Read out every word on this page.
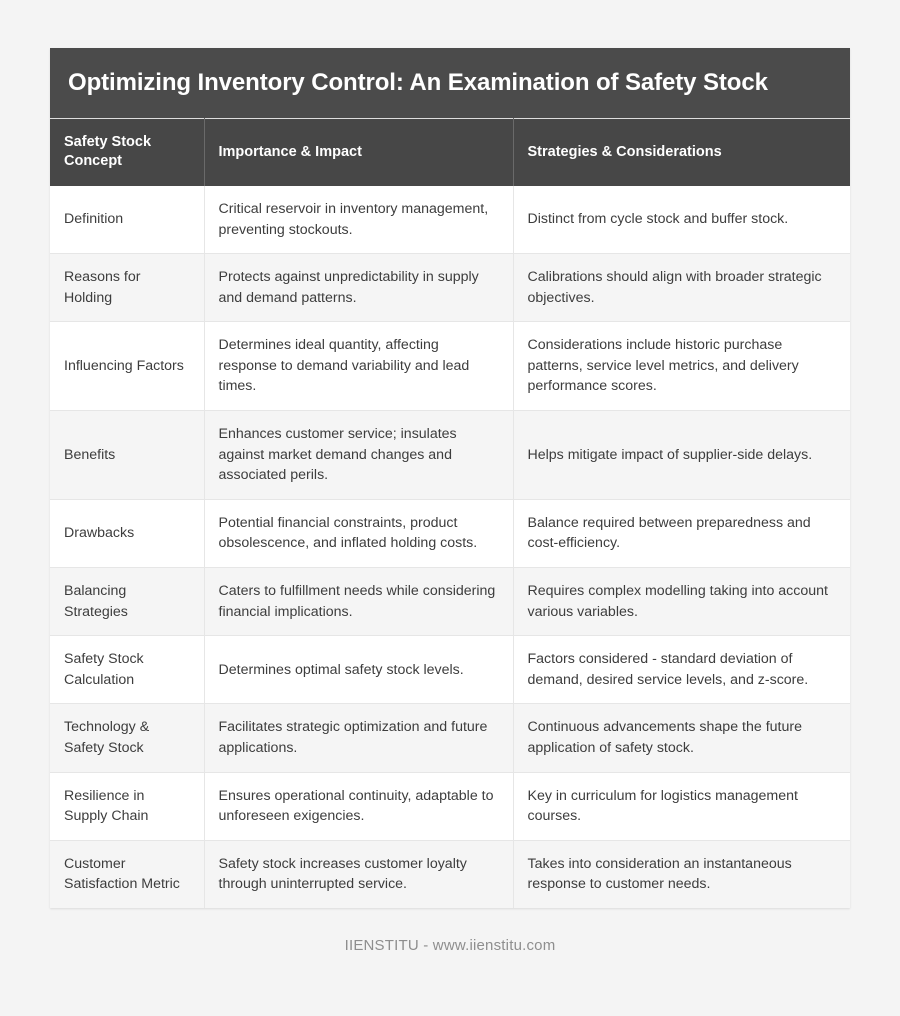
Optimizing Inventory Control: An Examination of Safety Stock
Safety Stock Concept	Importance & Impact	Strategies & Considerations
Definition	Critical reservoir in inventory management, preventing stockouts.	Distinct from cycle stock and buffer stock.
Reasons for Holding	Protects against unpredictability in supply and demand patterns.	Calibrations should align with broader strategic objectives.
Influencing Factors	Determines ideal quantity, affecting response to demand variability and lead times.	Considerations include historic purchase patterns, service level metrics, and delivery performance scores.
Benefits	Enhances customer service; insulates against market demand changes and associated perils.	Helps mitigate impact of supplier-side delays.
Drawbacks	Potential financial constraints, product obsolescence, and inflated holding costs.	Balance required between preparedness and cost-efficiency.
Balancing Strategies	Caters to fulfillment needs while considering financial implications.	Requires complex modelling taking into account various variables.
Safety Stock Calculation	Determines optimal safety stock levels.	Factors considered - standard deviation of demand, desired service levels, and z-score.
Technology & Safety Stock	Facilitates strategic optimization and future applications.	Continuous advancements shape the future application of safety stock.
Resilience in Supply Chain	Ensures operational continuity, adaptable to unforeseen exigencies.	Key in curriculum for logistics management courses.
Customer Satisfaction Metric	Safety stock increases customer loyalty through uninterrupted service.	Takes into consideration an instantaneous response to customer needs.
IIENSTITU - www.iienstitu.com
